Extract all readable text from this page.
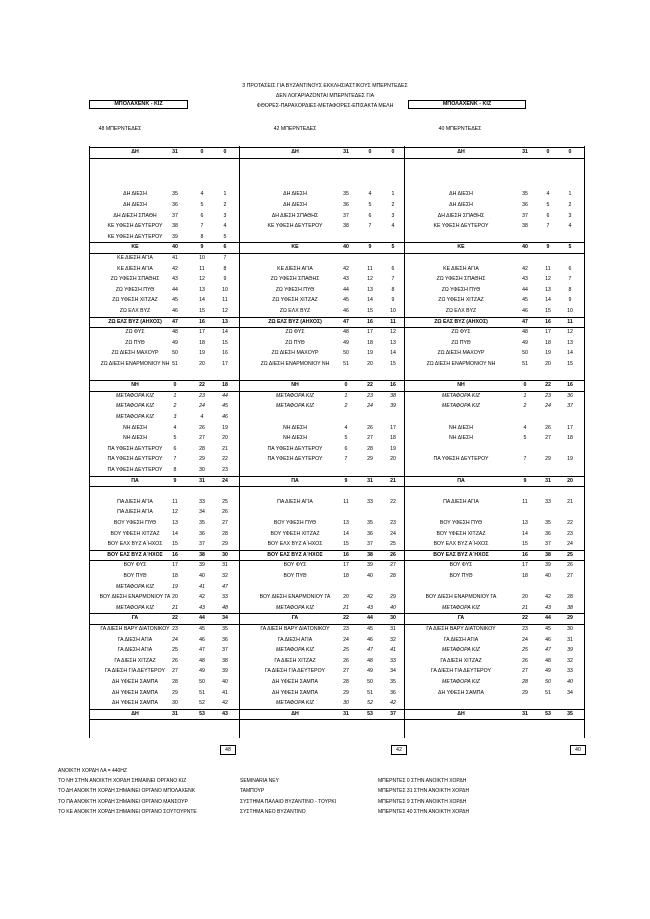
3 ΠΡΟΤΑΣΕΙΣ ΓΙΑ ΒΥΖΑΝΤΙΝΟΥΣ ΕΚΚΛΗΣΙΑΣΤΙΚΟΥΣ ΜΠΕΡΝΤΕΔΕΣ
ΔΕΝ ΛΟΓΑΡΙΑΖΟΝΤΑΙ ΜΠΕΡΝΤΕΔΕΣ ΓΙΑ
ΦΘΟΡΕΣ-ΠΑΡΑΧΟΡΔΙΕΣ-ΜΕΤΑΦΟΡΕΣ-ΕΠΙΣΑΚΤΑ ΜΕΛΗ
ΜΠΟΛΑΧΕΝΚ - ΚΙΖ	ΜΠΟΛΑΧΕΝΚ - ΚΙΖ
48 ΜΠΕΡΝΤΕΔΕΣ	42 ΜΠΕΡΝΤΕΔΕΣ	40 ΜΠΕΡΝΤΕΔΕΣ
ΔΗ	31	0	0	ΔΗ	31	0	0	ΔΗ	31	0	0
ΔΗ ΔΙΕΣΗ	35	4	1	ΔΗ ΔΙΕΣΗ	35	4	1	ΔΗ ΔΙΕΣΗ	35	4	1
ΔΗ ΔΙΕΣΗ	36	5	2	ΔΗ ΔΙΕΣΗ	36	5	2	ΔΗ ΔΙΕΣΗ	36	5	2
ΔΗ ΔΙΕΣΗ ΣΠΑΘΗ	37	6	3	ΔΗ ΔΙΕΣΗ ΣΠΑΘΗΣ	37	6	3	ΔΗ ΔΙΕΣΗ ΣΠΑΘΗΣ	37	6	3
ΚΕ ΥΦΕΣΗ ΔΕΥΤΕΡΟΥ	38	7	4	ΚΕ ΥΦΕΣΗ ΔΕΥΤΕΡΟΥ	38	7	4	ΚΕ ΥΦΕΣΗ ΔΕΥΤΕΡΟΥ	38	7	4
ΚΕ ΥΦΕΣΗ ΔΕΥΤΕΡΟΥ	39	8	5
ΚΕ	40	9	6	ΚΕ	40	9	5	ΚΕ	40	9	5
ΚΕ ΔΙΕΣΗ ΑΓΙΑ	41	10	7
ΚΕ ΔΙΕΣΗ ΑΓΙΑ	42	11	8	ΚΕ ΔΙΕΣΗ ΑΓΙΑ	42	11	6	ΚΕ ΔΙΕΣΗ ΑΓΙΑ	42	11	6
ΖΩ ΥΦΕΣΗ ΣΠΑΘΗΣ	43	12	9	ΖΩ ΥΦΕΣΗ ΣΠΑΘΗΣ	43	12	7	ΖΩ ΥΦΕΣΗ ΣΠΑΘΗΣ	43	12	7
ΖΩ ΥΦΕΣΗ ΠΥΘ	44	13	10	ΖΩ ΥΦΕΣΗ ΠΥΘ	44	13	8	ΖΩ ΥΦΕΣΗ ΠΥΘ	44	13	8
ΖΩ ΥΦΕΣΗ ΧΙΤΖΑΖ	45	14	11	ΖΩ ΥΦΕΣΗ ΧΙΤΖΑΖ	45	14	9	ΖΩ ΥΦΕΣΗ ΧΙΤΖΑΖ	45	14	9
ΖΩ ΕΛΧ ΒΥΖ	46	15	12	ΖΩ ΕΛΧ ΒΥΖ	46	15	10	ΖΩ ΕΛΧ ΒΥΖ	46	15	10
ΖΩ ΕΛΣ ΒΥΖ (ΑΗΧΟΣ)	47	16	13	ΖΩ ΕΛΣ ΒΥΖ (ΑΗΧΟΣ)	47	16	11	ΖΩ ΕΛΣ ΒΥΖ (ΑΗΧΟΣ)	47	16	11
ΖΩ ΦΥΣ	48	17	14	ΖΩ ΦΥΣ	48	17	12	ΖΩ ΦΥΣ	48	17	12
ΖΩ ΠΥΘ	49	18	15	ΖΩ ΠΥΘ	49	18	13	ΖΩ ΠΥΘ	49	18	13
ΖΩ ΔΙΕΣΗ ΜΑΧΟΥΡ	50	19	16	ΖΩ ΔΙΕΣΗ ΜΑΧΟΥΡ	50	19	14	ΖΩ ΔΙΕΣΗ ΜΑΧΟΥΡ	50	19	14
ΖΩ ΔΙΕΣΗ ΕΝΑΡΜΟΝΙΟΥ ΝΗ 51	20	17	ΖΩ ΔΙΕΣΗ ΕΝΑΡΜΟΝΙΟΥ ΝΗ	51	20	15	ΖΩ ΔΙΕΣΗ ΕΝΑΡΜΟΝΙΟΥ ΝΗ	51	20	15
ΝΗ	0	22	18	ΝΗ	0	22	16	ΝΗ	0	22	16
ΜΕΤΑΦΟΡΑ ΚΙΖ	1	23	44	ΜΕΤΑΦΟΡΑ ΚΙΖ	1	23	38	ΜΕΤΑΦΟΡΑ ΚΙΖ	1	23	36
ΜΕΤΑΦΟΡΑ ΚΙΖ	2	24	45	ΜΕΤΑΦΟΡΑ ΚΙΖ	2	24	39	ΜΕΤΑΦΟΡΑ ΚΙΖ	2	24	37
ΜΕΤΑΦΟΡΑ ΚΙΖ	3	4	46
ΝΗ ΔΙΕΣΗ	4	26	19	ΝΗ ΔΙΕΣΗ	4	26	17	ΝΗ ΔΙΕΣΗ	4	26	17
ΝΗ ΔΙΕΣΗ	5	27	20	ΝΗ ΔΙΕΣΗ	5	27	18	ΝΗ ΔΙΕΣΗ	5	27	18
ΠΑ ΥΦΕΣΗ ΔΕΥΤΕΡΟΥ	6	28	21	ΠΑ ΥΦΕΣΗ ΔΕΥΤΕΡΟΥ	6	28	19
ΠΑ ΥΦΕΣΗ ΔΕΥΤΕΡΟΥ	7	29	22	ΠΑ ΥΦΕΣΗ ΔΕΥΤΕΡΟΥ	7	29	20	ΠΑ ΥΦΕΣΗ ΔΕΥΤΕΡΟΥ	7	29	19
ΠΑ ΥΦΕΣΗ ΔΕΥΤΕΡΟΥ	8	30	23
ΠΑ	9	31	24	ΠΑ	9	31	21	ΠΑ	9	31	20
ΠΑ ΔΙΕΣΗ ΑΓΙΑ	11	33	25	ΠΑ ΔΙΕΣΗ ΑΓΙΑ	11	33	22	ΠΑ ΔΙΕΣΗ ΑΓΙΑ	11	33	21
ΠΑ ΔΙΕΣΗ ΑΓΙΑ	12	34	26
ΒΟΥ ΥΦΕΣΗ ΠΥΘ	13	35	27	ΒΟΥ ΥΦΕΣΗ ΠΥΘ	13	35	23	ΒΟΥ ΥΦΕΣΗ ΠΥΘ	13	35	22
ΒΟΥ ΥΦΕΣΗ ΧΙΤΖΑΖ	14	36	28	ΒΟΥ ΥΦΕΣΗ ΧΙΤΖΑΖ	14	36	24	ΒΟΥ ΥΦΕΣΗ ΧΙΤΖΑΖ	14	36	23
ΒΟΥ ΕΛΧ ΒΥΖ Α΄ΗΧΟΣ	15	37	29	ΒΟΥ ΕΛΧ ΒΥΖ Α΄ΗΧΟΣ	15	37	25	ΒΟΥ ΕΛΧ ΒΥΖ Α΄ΗΧΟΣ	15	37	24
ΒΟΥ ΕΛΣ ΒΥΖ Α΄ΗΧΟΣ	16	38	30	ΒΟΥ ΕΛΣ ΒΥΖ Α΄ΗΧΟΣ	16	38	26	ΒΟΥ ΕΛΣ ΒΥΖ Α΄ΗΧΟΣ	16	38	25
ΒΟΥ ΦΥΣ	17	39	31	ΒΟΥ ΦΥΣ	17	39	27	ΒΟΥ ΦΥΣ	17	39	26
ΒΟΥ ΠΥΘ	18	40	32	ΒΟΥ ΠΥΘ	18	40	28	ΒΟΥ ΠΥΘ	18	40	27
ΜΕΤΑΦΟΡΑ ΚΙΖ	19	41	47
ΒΟΥ ΔΙΕΣΗ ΕΝΑΡΜΟΝΙΟΥ ΓΑ 20	42	33	ΒΟΥ ΔΙΕΣΗ ΕΝΑΡΜΟΝΙΟΥ ΓΑ	20	42	29	ΒΟΥ ΔΙΕΣΗ ΕΝΑΡΜΟΝΙΟΥ ΓΑ	20	42	28
ΜΕΤΑΦΟΡΑ ΚΙΖ	21	43	48	ΜΕΤΑΦΟΡΑ ΚΙΖ	21	43	40	ΜΕΤΑΦΟΡΑ ΚΙΖ	21	43	38
ΓΑ	22	44	34	ΓΑ	22	44	30	ΓΑ	22	44	29
ΓΑ ΔΙΕΣΗ ΒΑΡΥ ΔΙΑΤΟΝΙΚΟΥ 23	45	35	ΓΑ ΔΙΕΣΗ ΒΑΡΥ ΔΙΑΤΟΝΙΚΟΥ	23	45	31	ΓΑ ΔΙΕΣΗ ΒΑΡΥ ΔΙΑΤΟΝΙΚΟΥ	23	45	30
ΓΑ ΔΙΕΣΗ ΑΓΙΑ	24	46	36	ΓΑ ΔΙΕΣΗ ΑΓΙΑ	24	46	32	ΓΑ ΔΙΕΣΗ ΑΓΙΑ	24	46	31
ΓΑ ΔΙΕΣΗ ΑΓΙΑ	25	47	37	ΜΕΤΑΦΟΡΑ ΚΙΖ	25	47	41	ΜΕΤΑΦΟΡΑ ΚΙΖ	25	47	39
ΓΑ ΔΙΕΣΗ ΧΙΤΖΑΖ	26	48	38	ΓΑ ΔΙΕΣΗ ΧΙΤΖΑΖ	26	48	33	ΓΑ ΔΙΕΣΗ ΧΙΤΖΑΖ	26	48	32
ΓΑ ΔΙΕΣΗ ΓΙΑ ΔΕΥΤΕΡΟΥ	27	49	39	ΓΑ ΔΙΕΣΗ ΓΙΑ ΔΕΥΤΕΡΟΥ	27	49	34	ΓΑ ΔΙΕΣΗ ΓΙΑ ΔΕΥΤΕΡΟΥ	27	49	33
ΔΗ ΥΦΕΣΗ ΣΑΜΠΑ	28	50	40	ΔΗ ΥΦΕΣΗ ΣΑΜΠΑ	28	50	35	ΜΕΤΑΦΟΡΑ ΚΙΖ	28	50	40
ΔΗ ΥΦΕΣΗ ΣΑΜΠΑ	29	51	41	ΔΗ ΥΦΕΣΗ ΣΑΜΠΑ	29	51	36	ΔΗ ΥΦΕΣΗ ΣΑΜΠΑ	29	51	34
ΔΗ ΥΦΕΣΗ ΣΑΜΠΑ	30	52	42	ΜΕΤΑΦΟΡΑ ΚΙΖ	30	52	42
ΔΗ	31	53	43	ΔΗ	31	53	37	ΔΗ	31	53	35
48	42	40
ΑΝΟΙΚΤΗ ΧΟΡΔΗ ΛΑ = 440HZ
ΤΟ ΝΗ ΣΤΗΝ ΑΝΟΙΚΤΗ ΧΟΡΔΗ ΣΗΜΑΙΝΕΙ ΟΡΓΑΝΟ ΚΙΖ
ΤΟ ΔΗ ΑΝΟΙΚΤΗ ΧΟΡΔΗ ΣΗΜΑΙΝΕΙ ΟΡΓΑΝΟ ΜΠΟΛΑΧΕΝΚ
ΤΟ ΠΑ ΑΝΟΙΚΤΗ ΧΟΡΔΗ ΣΗΜΑΙΝΕΙ ΟΡΓΑΝΟ ΜΑΝΣΟΥΡ
ΤΟ ΚΕ ΑΝΟΙΚΤΗ ΧΟΡΔΗ ΣΗΜΑΙΝΕΙ ΟΡΓΑΝΟ ΣΟΥΤΟΥΡΝΤΕ

SEMINARIA ΝΕΥ
ΤΑΜΠΟΥΡ
ΣΥΣΤΗΜΑ ΠΑΛΑΙΟ ΒΥΖΑΝΤΙΝΟ - ΤΟΥΡΚΙ
ΣΥΣΤΗΜΑ ΝΕΟ ΒΥΖΑΝΤΙΝΟ

ΜΠΕΡΝΤΕΣ 0 ΣΤΗΝ ΑΝΟΙΚΤΗ ΧΟΡΔΗ
ΜΠΕΡΝΤΕΣ 31 ΣΤΗΝ ΑΝΟΙΚΤΗ ΧΟΡΔΗ
ΜΠΕΡΝΤΕΣ 9 ΣΤΗΝ ΑΝΟΙΚΤΗ ΧΟΡΔΗ
ΜΠΕΡΝΤΕΣ 40 ΣΤΗΝ ΑΝΟΙΚΤΗ ΧΟΡΔΗ
